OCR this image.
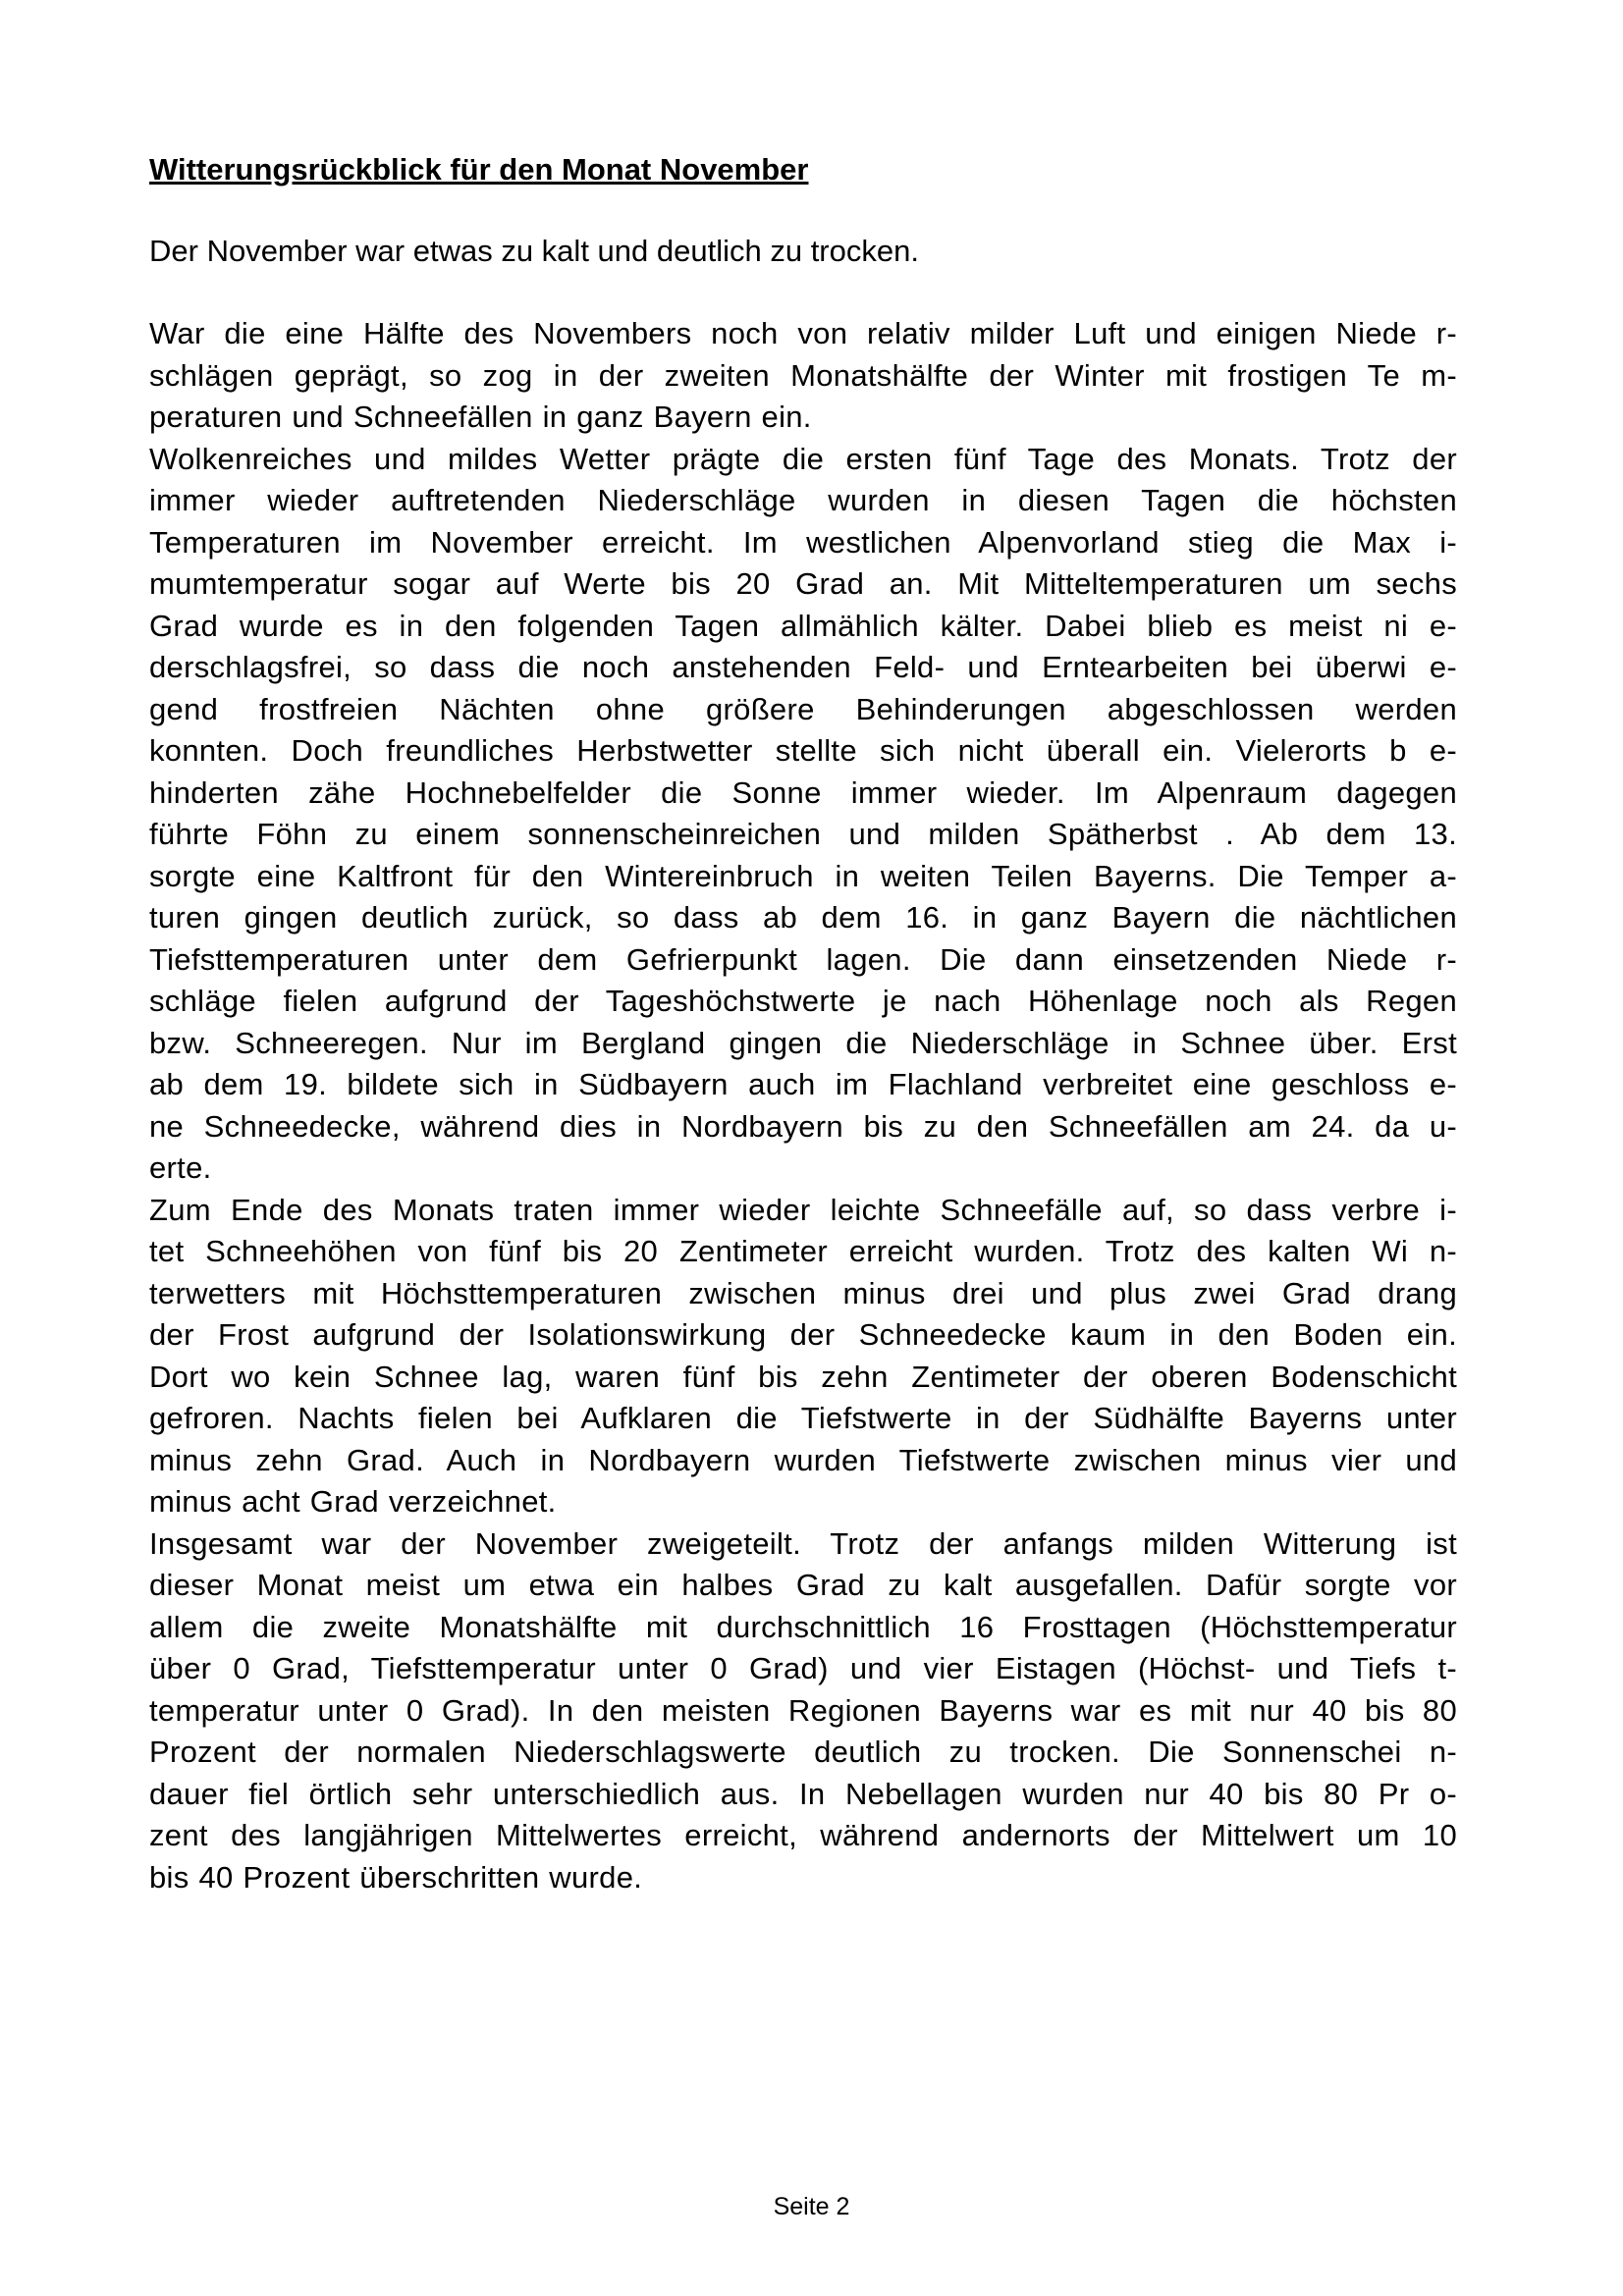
Witterungsrückblick für den Monat November

Der November war etwas zu kalt und deutlich zu trocken.

War die eine Hälfte des Novembers noch von relativ milder Luft und einigen Niede r-
schlägen geprägt, so zog in der zweiten Monatshälfte der Winter mit frostigen Te m-
peraturen und Schneefällen in ganz Bayern ein.
Wolkenreiches und mildes Wetter prägte die ersten fünf Tage des Monats. Trotz der
immer wieder auftretenden Niederschläge wurden in diesen Tagen die höchsten
Temperaturen im November erreicht. Im westlichen Alpenvorland stieg die Max i-
mumtemperatur sogar auf Werte bis 20 Grad an. Mit Mitteltemperaturen um sechs
Grad wurde es in den folgenden Tagen allmählich kälter. Dabei blieb es meist ni e-
derschlagsfrei, so dass die noch anstehenden Feld- und Erntearbeiten bei überwi e-
gend frostfreien Nächten ohne größere Behinderungen abgeschlossen werden
konnten. Doch freundliches Herbstwetter stellte sich nicht überall ein. Vielerorts b e-
hinderten zähe Hochnebelfelder die Sonne immer wieder. Im Alpenraum dagegen
führte Föhn zu einem sonnenscheinreichen und milden Spätherbst . Ab dem 13.
sorgte eine Kaltfront für den Wintereinbruch in weiten Teilen Bayerns. Die Temper a-
turen gingen deutlich zurück, so dass ab dem 16. in ganz Bayern die nächtlichen
Tiefsttemperaturen unter dem Gefrierpunkt lagen. Die dann einsetzenden Niede r-
schläge fielen aufgrund der Tageshöchstwerte je nach Höhenlage noch als Regen
bzw. Schneeregen. Nur im Bergland gingen die Niederschläge in Schnee über. Erst
ab dem 19. bildete sich in Südbayern auch im Flachland verbreitet eine geschloss e-
ne Schneedecke, während dies in Nordbayern bis zu den Schneefällen am 24. da u-
erte.
Zum Ende des Monats traten immer wieder leichte Schneefälle auf, so dass verbre i-
tet Schneehöhen von fünf bis 20 Zentimeter erreicht wurden. Trotz des kalten Wi n-
terwetters mit Höchsttemperaturen zwischen minus drei und plus zwei Grad drang
der Frost aufgrund der Isolationswirkung der Schneedecke kaum in den Boden ein.
Dort wo kein Schnee lag, waren fünf bis zehn Zentimeter der oberen Bodenschicht
gefroren. Nachts fielen bei Aufklaren die Tiefstwerte in der Südhälfte Bayerns unter
minus zehn Grad. Auch in Nordbayern wurden Tiefstwerte zwischen minus vier und
minus acht Grad verzeichnet.
Insgesamt war der November zweigeteilt. Trotz der anfangs milden Witterung ist
dieser Monat meist um etwa ein halbes Grad zu kalt ausgefallen. Dafür sorgte vor
allem die zweite Monatshälfte mit durchschnittlich 16 Frosttagen (Höchsttemperatur
über 0 Grad, Tiefsttemperatur unter 0 Grad) und vier Eistagen (Höchst- und Tiefs t-
temperatur unter 0 Grad). In den meisten Regionen Bayerns war es mit nur 40 bis 80
Prozent der normalen Niederschlagswerte deutlich zu trocken. Die Sonnenschei n-
dauer fiel örtlich sehr unterschiedlich aus. In Nebellagen wurden nur 40 bis 80 Pr o-
zent des langjährigen Mittelwertes erreicht, während andernorts der Mittelwert um 10
bis 40 Prozent überschritten wurde.
Seite 2
